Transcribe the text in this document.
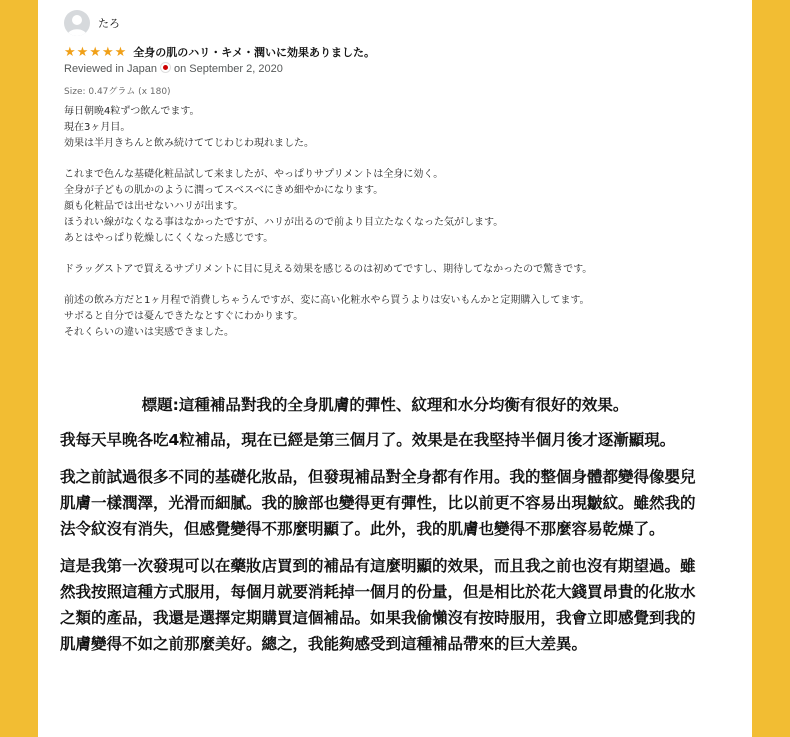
たろ
★ ★ ★ ★ ★ 全身の肌のハリ・キメ・潤いに効果ありました。
Reviewed in Japan on September 2, 2020
Size: 0.47グラム (x 180)
毎日朝晩4粒ずつ飲んでます。
現在3ヶ月目。
効果は半月きちんと飲み続けててじわじわ現れました。
これまで色んな基礎化粧品試して来ましたが、やっぱりサプリメントは全身に効く。
全身が子どもの肌かのように潤ってスベスベにきめ細やかになります。
顔も化粧品では出せないハリが出ます。
ほうれい線がなくなる事はなかったですが、ハリが出るので前より目立たなくなった気がします。
あとはやっぱり乾燥しにくくなった感じです。
ドラッグストアで買えるサプリメントに目に見える効果を感じるのは初めてですし、期待してなかったので驚きです。
前述の飲み方だと1ヶ月程で消費しちゃうんですが、変に高い化粧水やら買うよりは安いもんかと定期購入してます。
サボると自分では憂んできたなとすぐにわかります。
それくらいの違いは実感できました。
標題:這種補品對我的全身肌膚的彈性、紋理和水分均衡有很好的效果。
我每天早晚各吃4粒補品，現在已經是第三個月了。效果是在我堅持半個月後才逐漸顯現。
我之前試過很多不同的基礎化妝品，但發現補品對全身都有作用。我的整個身體都變得像嬰兒肌膚一樣潤澤，光滑而細膩。我的臉部也變得更有彈性，比以前更不容易出現皺紋。雖然我的法令紋沒有消失，但感覺變得不那麼明顯了。此外，我的肌膚也變得不那麼容易乾燥了。
這是我第一次發現可以在藥妝店買到的補品有這麼明顯的效果，而且我之前也沒有期望過。雖然我按照這種方式服用，每個月就要消耗掉一個月的份量，但是相比於花大錢買昂貴的化妝水之類的產品，我還是選擇定期購買這個補品。如果我偷懶沒有按時服用，我會立即感覺到我的肌膚變得不如之前那麼美好。總之，我能夠感受到這種補品帶來的巨大差異。
